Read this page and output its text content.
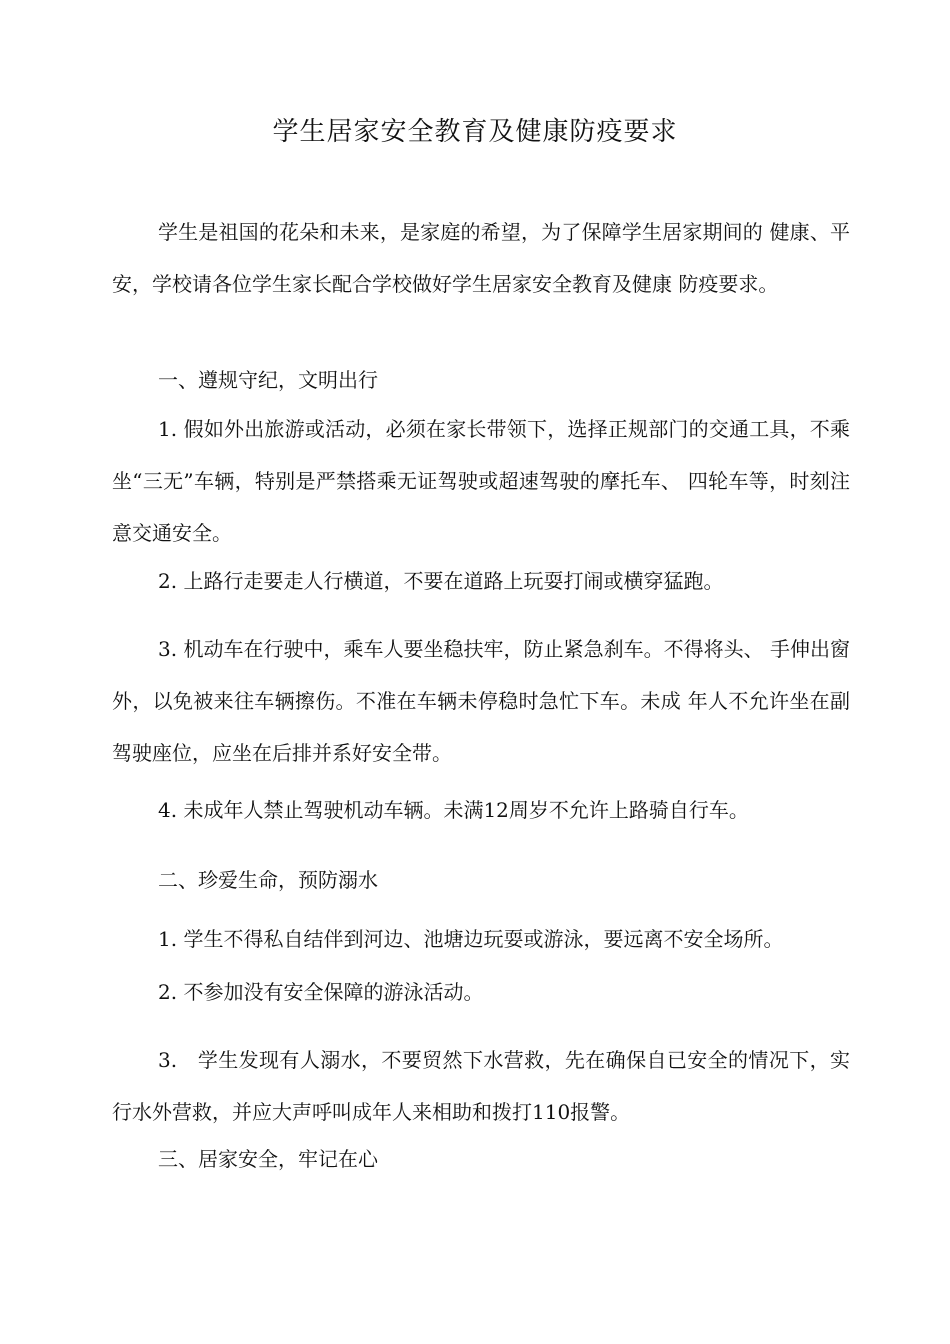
学生居家安全教育及健康防疫要求
学生是祖国的花朵和未来，是家庭的希望，为了保障学生居家期间的 健康、平安，学校请各位学生家长配合学校做好学生居家安全教育及健康 防疫要求。
一、遵规守纪，文明出行
1. 假如外出旅游或活动，必须在家长带领下，选择正规部门的交通工具，不乘坐“三无”车辆，特别是严禁搭乘无证驾驶或超速驾驶的摩托车、 四轮车等，时刻注意交通安全。
2. 上路行走要走人行横道，不要在道路上玩耍打闹或横穿猛跑。
3. 机动车在行驶中，乘车人要坐稳扶牢，防止紧急刹车。不得将头、 手伸出窗外，以免被来往车辆擦伤。不准在车辆未停稳时急忙下车。未成 年人不允许坐在副驾驶座位，应坐在后排并系好安全带。
4. 未成年人禁止驾驶机动车辆。未满12周岁不允许上路骑自行车。
二、珍爱生命，预防溺水
1. 学生不得私自结伴到河边、池塘边玩耍或游泳，要远离不安全场所。
2. 不参加没有安全保障的游泳活动。
3.　学生发现有人溺水，不要贸然下水营救，先在确保自已安全的情况下，实行水外营救，并应大声呼叫成年人来相助和拨打110报警。
三、居家安全，牢记在心
